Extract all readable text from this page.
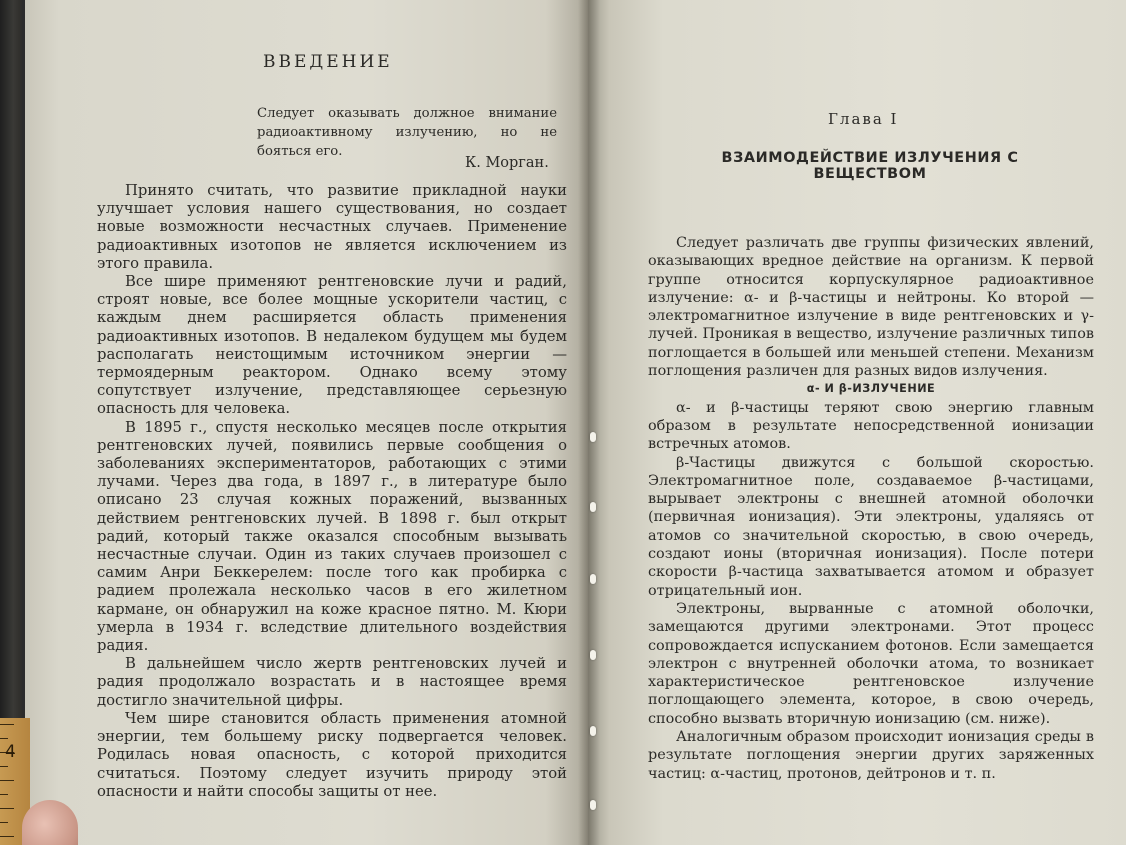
ВВЕДЕНИЕ
Следует оказывать должное внимание радиоактивному излучению, но не бояться его.
К. Морган.

Принято считать, что развитие прикладной науки улучшает условия нашего существования, но создает новые возможности несчастных случаев. Применение радиоактивных изотопов не является исключением из этого правила.

Все шире применяют рентгеновские лучи и радий, строят новые, все более мощные ускорители частиц, с каждым днем расширяется область применения радиоактивных изотопов. В недалеком будущем мы будем располагать неистощимым источником энергии — термоядерным реактором. Однако всему этому сопутствует излучение, представляющее серьезную опасность для человека.

В 1895 г., спустя несколько месяцев после открытия рентгеновских лучей, появились первые сообщения о заболеваниях экспериментаторов, работающих с этими лучами. Через два года, в 1897 г., в литературе было описано 23 случая кожных поражений, вызванных действием рентгеновских лучей. В 1898 г. был открыт радий, который также оказался способным вызывать несчастные случаи. Один из таких случаев произошел с самим Анри Беккерелем: после того как пробирка с радием пролежала несколько часов в его жилетном кармане, он обнаружил на коже красное пятно. М. Кюри умерла в 1934 г. вследствие длительного воздействия радия.

В дальнейшем число жертв рентгеновских лучей и радия продолжало возрастать и в настоящее время достигло значительной цифры.

Чем шире становится область применения атомной энергии, тем большему риску подвергается человек. Родилась новая опасность, с которой приходится считаться. Поэтому следует изучить природу этой опасности и найти способы защиты от нее.

Глава I
ВЗАИМОДЕЙСТВИЕ ИЗЛУЧЕНИЯ С ВЕЩЕСТВОМ

Следует различать две группы физических явлений, оказывающих вредное действие на организм. К первой группе относится корпускулярное радиоактивное излучение: α- и β-частицы и нейтроны. Ко второй — электромагнитное излучение в виде рентгеновских и γ-лучей. Проникая в вещество, излучение различных типов поглощается в большей или меньшей степени. Механизм поглощения различен для разных видов излучения.

α- И β-ИЗЛУЧЕНИЕ

α- и β-частицы теряют свою энергию главным образом в результате непосредственной ионизации встречных атомов.

β-Частицы движутся с большой скоростью. Электромагнитное поле, создаваемое β-частицами, вырывает электроны с внешней атомной оболочки (первичная ионизация). Эти электроны, удаляясь от атомов со значительной скоростью, в свою очередь, создают ионы (вторичная ионизация). После потери скорости β-частица захватывается атомом и образует отрицательный ион.

Электроны, вырванные с атомной оболочки, замещаются другими электронами. Этот процесс сопровождается испусканием фотонов. Если замещается электрон с внутренней оболочки атома, то возникает характеристическое рентгеновское излучение поглощающего элемента, которое, в свою очередь, способно вызвать вторичную ионизацию (см. ниже).

Аналогичным образом происходит ионизация среды в результате поглощения энергии других заряженных частиц: α-частиц, протонов, дейтронов и т. п.

4
